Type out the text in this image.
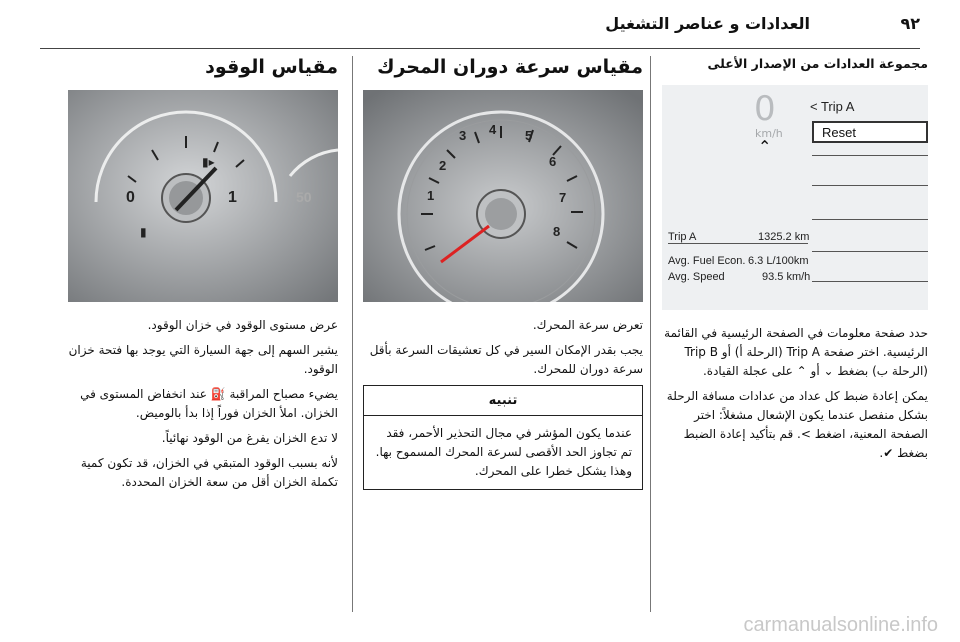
العدادات و عناصر التشغيل	٩٢
مجموعة العدادات من الإصدار الأعلى
0
km/h
< Trip A
Reset
⌃
Trip A	1325.2 km
Avg. Fuel Econ. 6.3 L/100km
Avg. Speed	93.5 km/h

حدد صفحة معلومات في الصفحة الرئيسية في القائمة الرئيسية. اختر صفحة Trip A (الرحلة أ) أو Trip B (الرحلة ب) بضغط ⌄ أو ⌃ على عجلة القيادة.

يمكن إعادة ضبط كل عداد من عدادات مسافة الرحلة بشكل منفصل عندما يكون الإشعال مشغلاً: اختر الصفحة المعنية، اضغط >. قم بتأكيد إعادة الضبط بضغط ✔.

مقياس سرعة دوران المحرك
1
2
3 4 5
6
7
8

تعرض سرعة المحرك.

يجب بقدر الإمكان السير في كل تعشيقات السرعة بأقل سرعة دوران للمحرك.

تنبيه
عندما يكون المؤشر في مجال التحذير الأحمر، فقد تم تجاوز الحد الأقصى لسرعة المحرك المسموح بها. وهذا يشكل خطرا على المحرك.
مقياس الوقود
0	1	50
▮▸
▮

عرض مستوى الوقود في خزان الوقود.

يشير السهم إلى جهة السيارة التي يوجد بها فتحة خزان الوقود.

يضيء مصباح المراقبة ⛽ عند انخفاض المستوى في الخزان. املأ الخزان فوراً إذا بدأ بالوميض.

لا تدع الخزان يفرغ من الوقود نهائياً.

لأنه بسبب الوقود المتبقي في الخزان، قد تكون كمية تكملة الخزان أقل من سعة الخزان المحددة.

carmanualsonline.info
